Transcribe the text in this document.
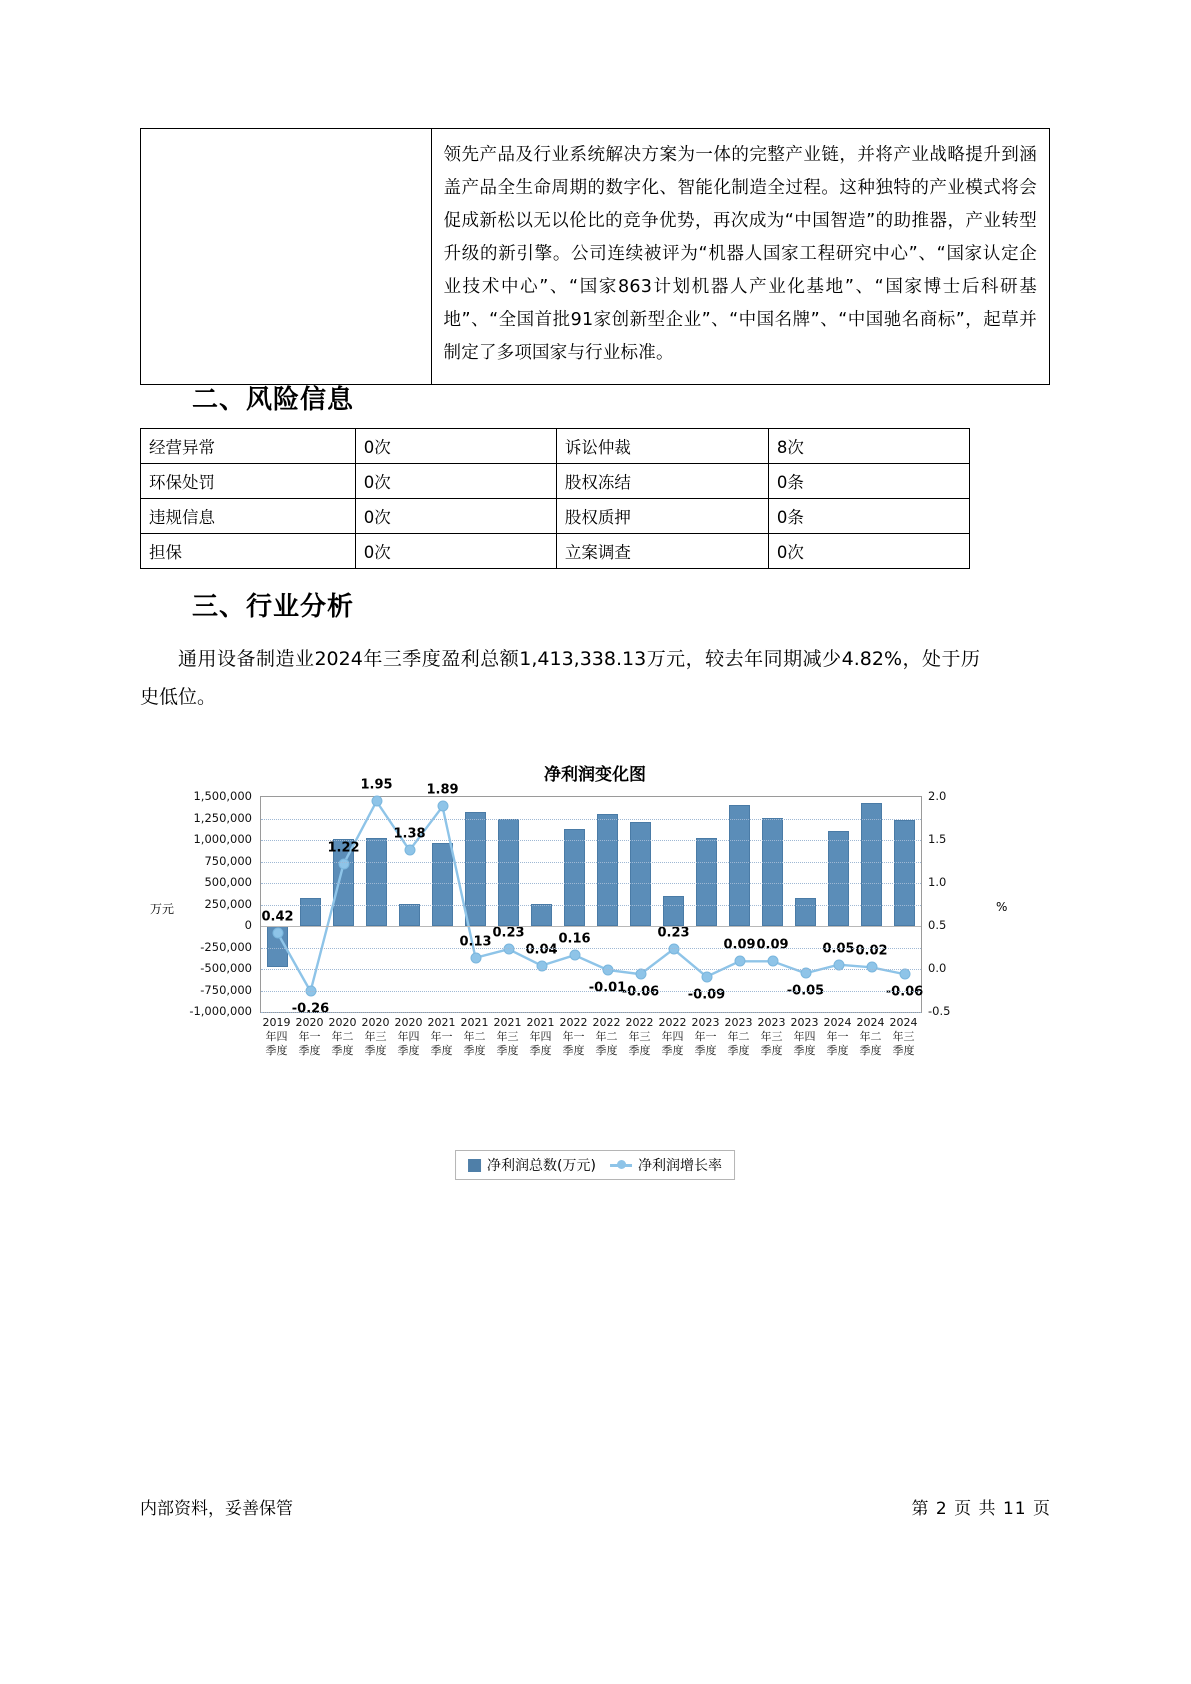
领先产品及行业系统解决方案为一体的完整产业链，并将产业战略提升到涵盖产品全生命周期的数字化、智能化制造全过程。这种独特的产业模式将会促成新松以无以伦比的竞争优势，再次成为“中国智造”的助推器，产业转型升级的新引擎。公司连续被评为“机器人国家工程研究中心”、“国家认定企业技术中心”、“国家863计划机器人产业化基地”、“国家博士后科研基地”、“全国首批91家创新型企业”、“中国名牌”、“中国驰名商标”，起草并制定了多项国家与行业标准。
二、风险信息
经营异常	0次	诉讼仲裁	8次
环保处罚	0次	股权冻结	0条
违规信息	0次	股权质押	0条
担保	0次	立案调查	0次
三、行业分析
通用设备制造业2024年三季度盈利总额1,413,338.13万元，较去年同期减少4.82%，处于历史低位。
净利润变化图
万元	%
1,500,000
1,250,000
1,000,000
750,000
500,000
250,000
0
-250,000
-500,000
-750,000
-1,000,000
2.0
1.5
1.0
0.5
0.0
-0.5
0.42
-0.26
1.22
1.95
1.38
1.89
0.13
0.23
0.04
0.16
-0.01
-0.06
0.23
-0.09
0.09 0.09
-0.05
0.05 0.02
-0.06
2019年四季度
2020年一季度
2020年二季度
2020年三季度
2020年四季度
2021年一季度
2021年二季度
2021年三季度
2021年四季度
2022年一季度
2022年二季度
2022年三季度
2022年四季度
2023年一季度
2023年二季度
2023年三季度
2023年四季度
2024年一季度
2024年二季度
2024年三季度
净利润总数(万元)	净利润增长率
内部资料，妥善保管	第 2 页 共 11 页
